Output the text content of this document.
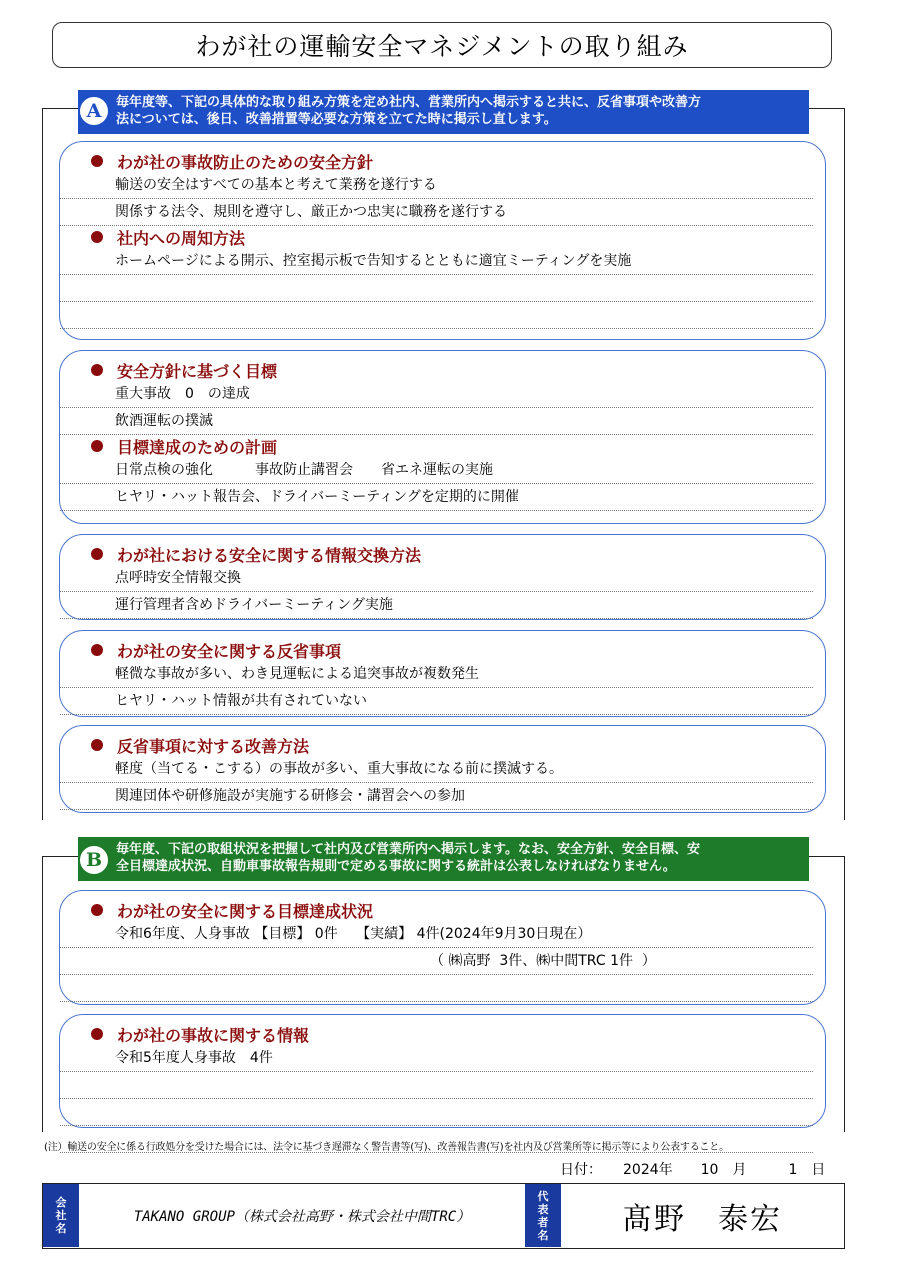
わが社の運輸安全マネジメントの取り組み
毎年度等、下記の具体的な取り組み方策を定め社内、営業所内へ掲示すると共に、反省事項や改善方
法については、後日、改善措置等必要な方策を立てた時に掲示し直します。
A
わが社の事故防止のための安全方針
輸送の安全はすべての基本と考えて業務を遂行する
関係する法令、規則を遵守し、厳正かつ忠実に職務を遂行する
社内への周知方法
ホームページによる開示、控室掲示板で告知するとともに適宜ミーティングを実施
安全方針に基づく目標
重大事故　0　の達成
飲酒運転の撲滅
目標達成のための計画
日常点検の強化　　　事故防止講習会　　省エネ運転の実施
ヒヤリ・ハット報告会、ドライバーミーティングを定期的に開催
わが社における安全に関する情報交換方法
点呼時安全情報交換
運行管理者含めドライバーミーティング実施
わが社の安全に関する反省事項
軽微な事故が多い、わき見運転による追突事故が複数発生
ヒヤリ・ハット情報が共有されていない
反省事項に対する改善方法
軽度（当てる・こする）の事故が多い、重大事故になる前に撲滅する。
関連団体や研修施設が実施する研修会・講習会への参加
毎年度、下記の取組状況を把握して社内及び営業所内へ掲示します。なお、安全方針、安全目標、安
全目標達成状況、自動車事故報告規則で定める事故に関する統計は公表しなければなりません。
B
わが社の安全に関する目標達成状況
令和6年度、人身事故 【目標】 0件　 【実績】 4件(2024年9月30日現在）
　　　　　　　　　　　　　　　　　　　　　　　（ ㈱高野  3件、㈱中間TRC 1件  ）
わが社の事故に関する情報
令和5年度人身事故　4件
(注）輸送の安全に係る行政処分を受けた場合には、法令に基づき遅滞なく警告書等(写)、改善報告書(写)を社内及び営業所等に掲示等により公表すること。
日付：　　2024年　　10　月　　　1　日
会
社
名
TAKANO GROUP（株式会社高野・株式会社中間TRC）
代
表
者
名	髙野　泰宏
